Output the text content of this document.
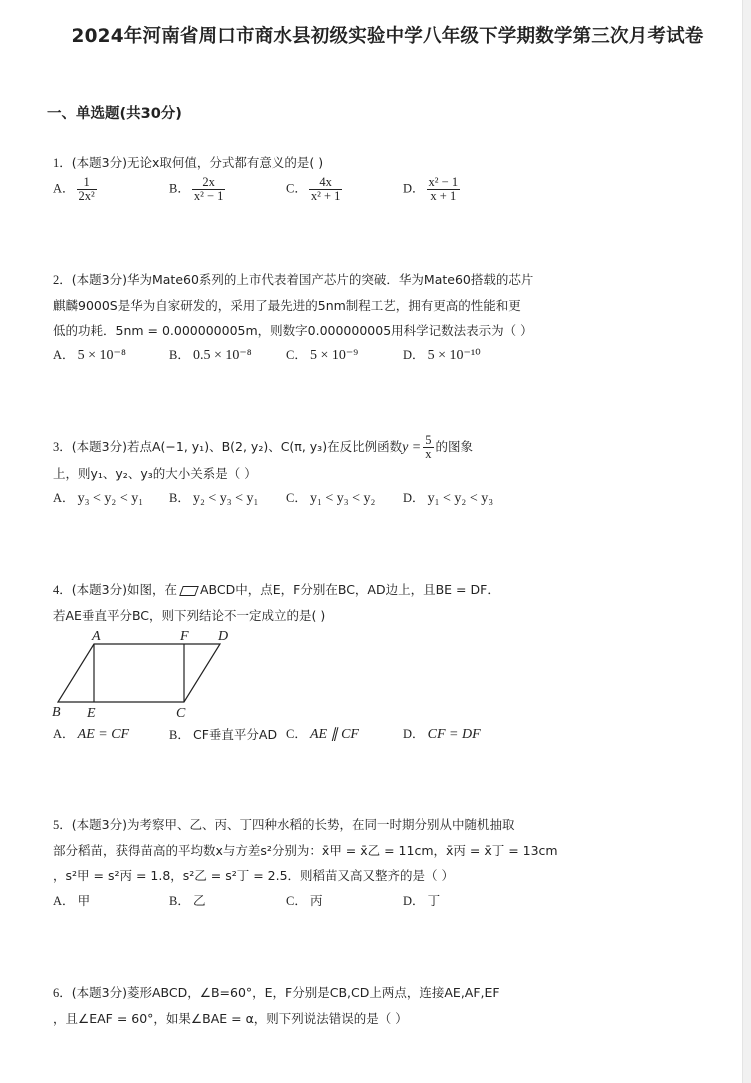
2024年河南省周口市商水县初级实验中学八年级下学期数学第三次月考试卷
一、单选题(共30分)
1．(本题3分)无论x取何值，分式都有意义的是( )
A． $\frac{1}{\text{2x²}}$	B． $\frac{2x}{\text{x² − 1}}$	C． $\frac{4x}{\text{x² + 1}}$	D． $\frac{\text{x² − 1}}{x + 1}$
2．(本题3分)华为Mate60系列的上市代表着国产芯片的突破．华为Mate60搭载的芯片
麒麟9000S是华为自家研发的，采用了最先进的5nm制程工艺，拥有更高的性能和更
低的功耗．5nm = 0.000000005m，则数字0.000000005用科学记数法表示为（ ）
A． 5 × 10⁻⁸	B． 0.5 × 10⁻⁸	C． 5 × 10⁻⁹	D． 5 × 10⁻¹⁰
3．(本题3分)若点A(−1, y₁)、B(2, y₂)、C(π, y₃)在反比例函数$y = \frac{5}{x}$ 的图象
上，则y₁、y₂、y₃的大小关系是（ ）
A． y₃ < y₂ < y₁ B． y₂ < y₃ < y₁ C． y₁ < y₃ < y₂ D． y₁ < y₂ < y₃
4．(本题3分)如图，在 ABCD中，点E，F分别在BC，AD边上，且BE = DF．
若AE垂直平分BC，则下列结论不一定成立的是( )
A	F D
B E	C
A． AE = CF	B． CF垂直平分AD C． AE ∥ CF	D． CF = DF
5．(本题3分)为考察甲、乙、丙、丁四种水稻的长势，在同一时期分别从中随机抽取
部分稻苗，获得苗高的平均数x与方差s²分别为：x̄甲 = x̄乙 = 11cm，x̄丙 = x̄丁 = 13cm
，s²甲 = s²丙 = 1.8，s²乙 = s²丁 = 2.5．则稻苗又高又整齐的是（ ）
A． 甲	B． 乙	C． 丙	D． 丁
6．(本题3分)菱形ABCD，∠B=60°，E，F分别是CB,CD上两点，连接AE,AF,EF
，且∠EAF = 60°，如果∠BAE = α，则下列说法错误的是（ ）
